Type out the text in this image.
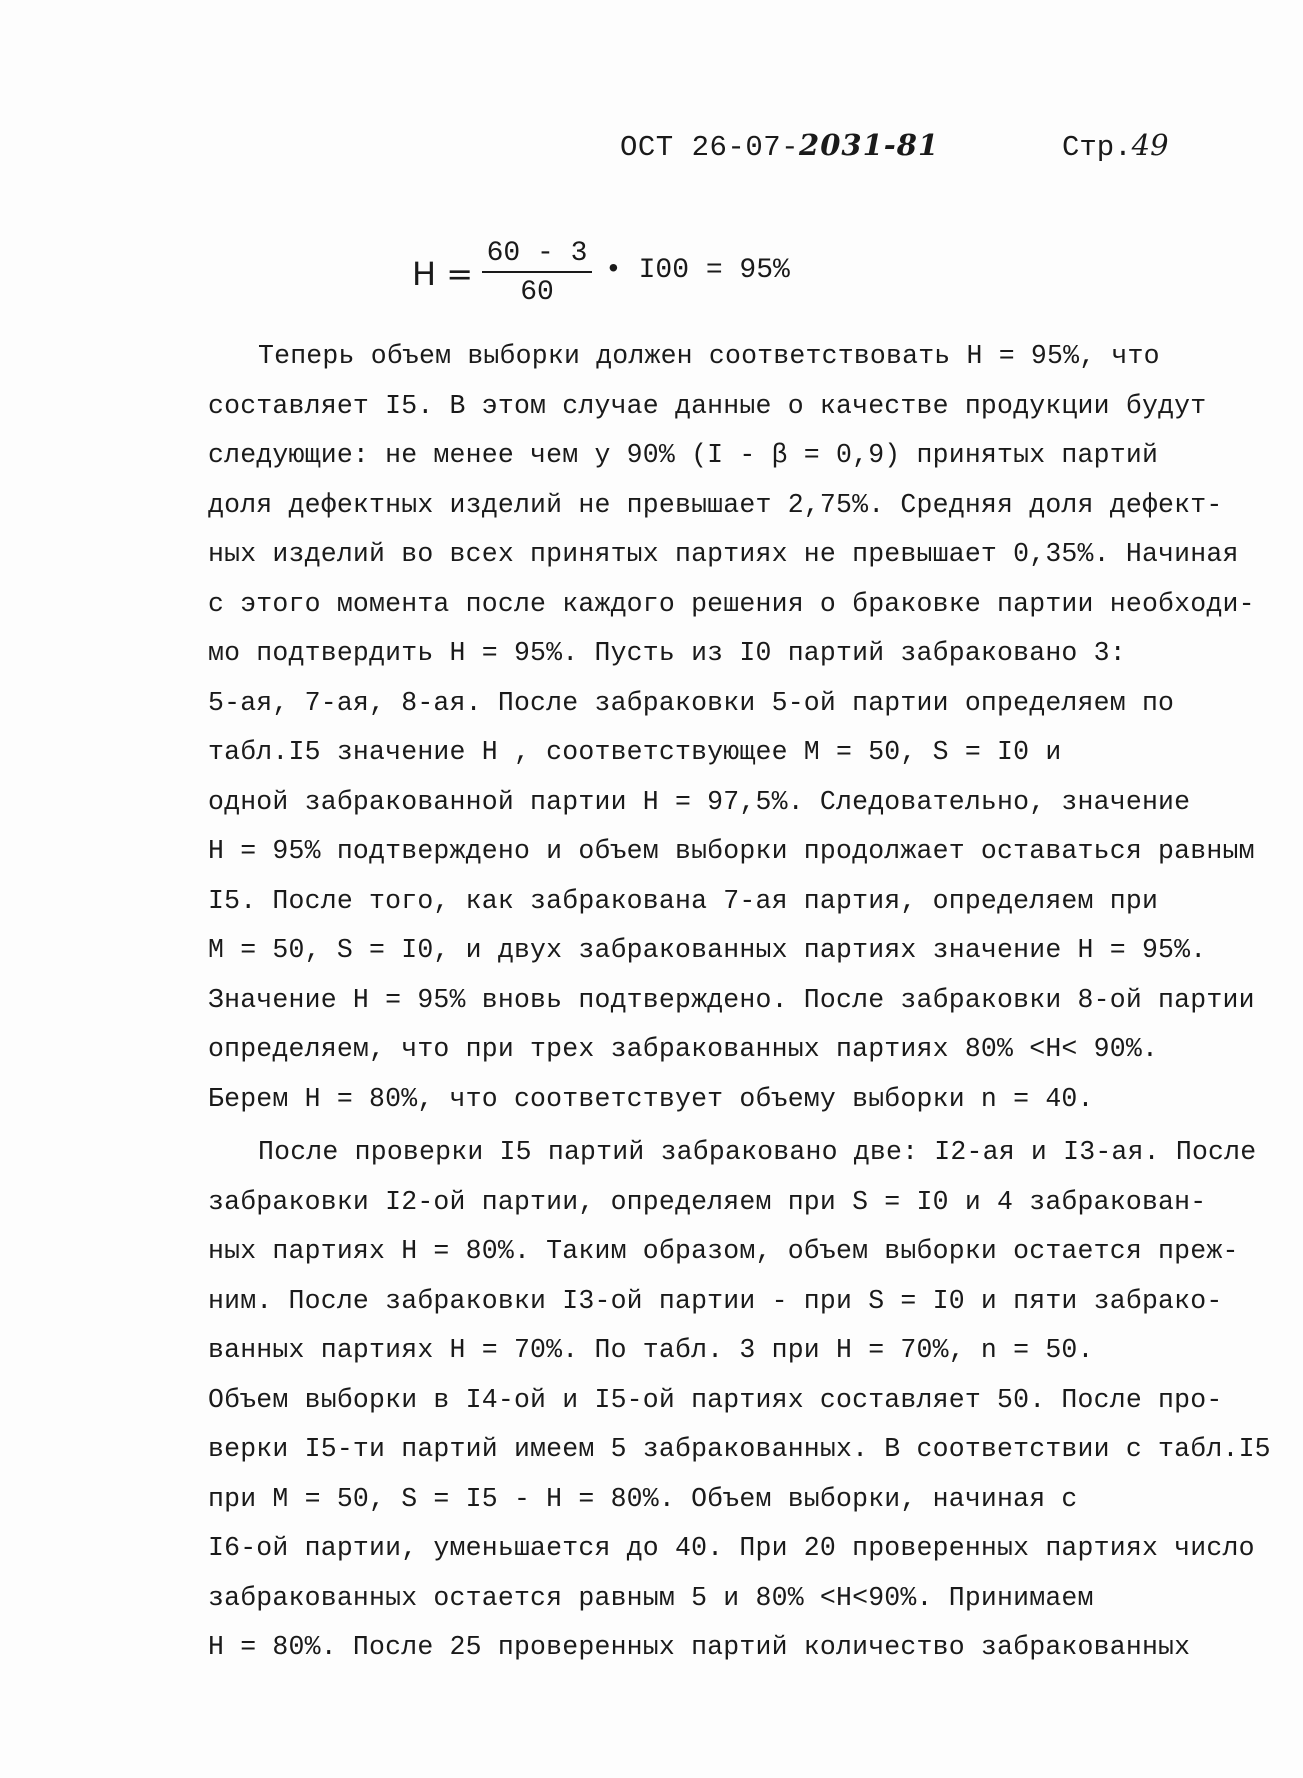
ОСТ 26-07-2031-81	Стр.49
$Н = \frac{60 - 3}{60}$ • I00 = 95%
Теперь объем выборки должен соответствовать Н = 95%, что
составляет I5. В этом случае данные о качестве продукции будут
следующие: не менее чем у 90% (I - β = 0,9) принятых партий
доля дефектных изделий не превышает 2,75%. Средняя доля дефект-
ных изделий во всех принятых партиях не превышает 0,35%. Начиная
с этого момента после каждого решения о браковке партии необходи-
мо подтвердить Н = 95%. Пусть из I0 партий забраковано 3:
5-ая, 7-ая, 8-ая. После забраковки 5-ой партии определяем по
табл.I5 значение Н , соответствующее М = 50, S = I0 и
одной забракованной партии Н = 97,5%. Следовательно, значение
Н = 95% подтверждено и объем выборки продолжает оставаться равным
I5. После того, как забракована 7-ая партия, определяем при
М = 50, S = I0, и двух забракованных партиях значение Н = 95%.
Значение Н = 95% вновь подтверждено. После забраковки 8-ой партии
определяем, что при трех забракованных партиях 80% <Н< 90%.
Берем Н = 80%, что соответствует объему выборки n = 40.
После проверки I5 партий забраковано две: I2-ая и I3-ая. После
забраковки I2-ой партии, определяем при S = I0 и 4 забракован-
ных партиях Н = 80%. Таким образом, объем выборки остается преж-
ним. После забраковки I3-ой партии - при S = I0 и пяти забрако-
ванных партиях Н = 70%. По табл. 3 при Н = 70%, n = 50.
Объем выборки в I4-ой и I5-ой партиях составляет 50. После про-
верки I5-ти партий имеем 5 забракованных. В соответствии с табл.I5
при М = 50, S = I5 - Н = 80%. Объем выборки, начиная с
I6-ой партии, уменьшается до 40. При 20 проверенных партиях число
забракованных остается равным 5 и 80% <Н<90%. Принимаем
Н = 80%. После 25 проверенных партий количество забракованных
